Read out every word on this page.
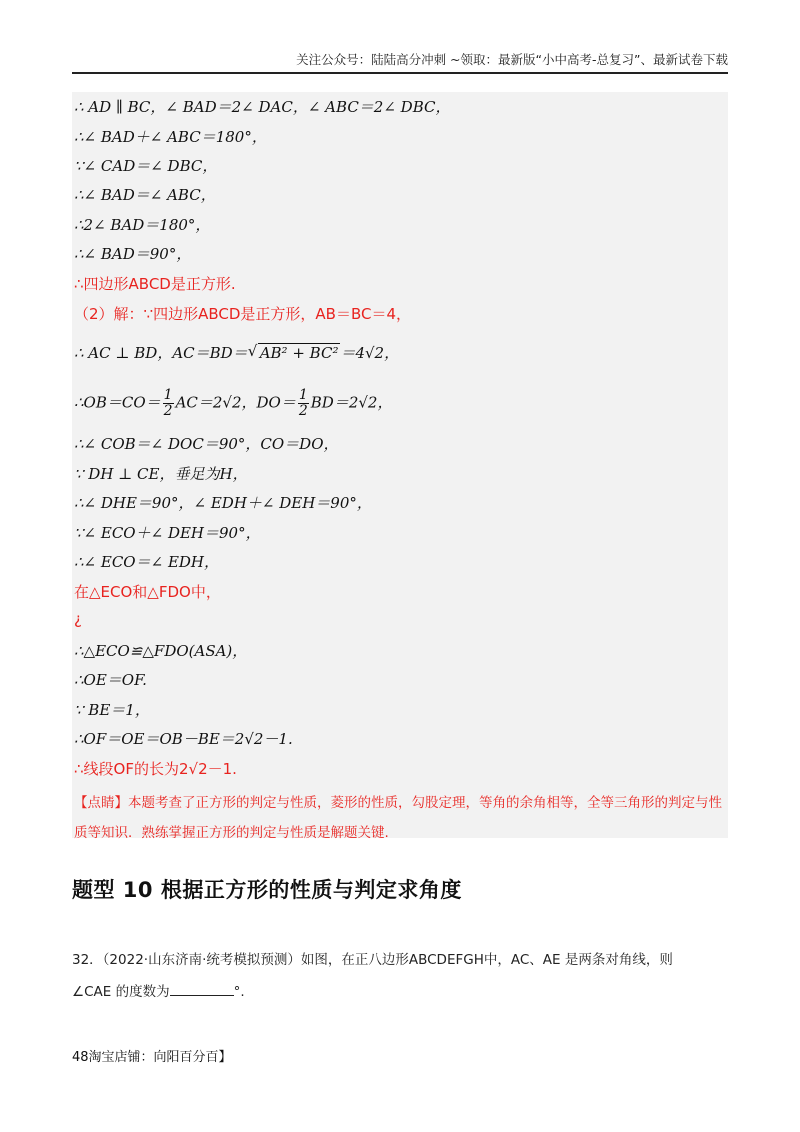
关注公众号：陆陆高分冲刺 ~领取：最新版“小中高考-总复习”、最新试卷下载
∴ AD ∥ BC，∠ BAD＝2∠ DAC，∠ ABC＝2∠ DBC，
∴∠ BAD＋∠ ABC＝180°，
∵∠ CAD＝∠ DBC，
∴∠ BAD＝∠ ABC，
∴2∠ BAD＝180°，
∴∠ BAD＝90°，
∴四边形ABCD是正方形.
（2）解：∵四边形ABCD是正方形，AB＝BC＝4，
∴ AC ⊥ BD，AC＝BD＝ √ AB² + BC² ＝4√2，
∴OB＝CO＝ $\frac{1}{2} AC=2√2$，$DO= \frac{1}{2} BD=2√2$，
∴∠ COB＝∠ DOC＝90°，CO＝DO，
∵ DH ⊥ CE，垂足为H，
∴∠ DHE＝90°，∠ EDH＋∠ DEH＝90°，
∵∠ ECO＋∠ DEH＝90°，
∴∠ ECO＝∠ EDH，
在△ECO和△FDO中，
¿
∴△ECO≌△FDO(ASA)，
∴OE＝OF.
∵ BE＝1，
∴OF＝OE＝OB－BE＝2√2－1.
∴线段OF的长为2√2－1.
【点睛】本题考查了正方形的判定与性质，菱形的性质，勾股定理，等角的余角相等，全等三角形的判定与性质等知识．熟练掌握正方形的判定与性质是解题关键.
题型 10 根据正方形的性质与判定求角度
32．（2022·山东济南·统考模拟预测）如图，在正八边形ABCDEFGH中，AC、AE 是两条对角线，则
∠CAE 的度数为	°.
48淘宝店铺：向阳百分百】
